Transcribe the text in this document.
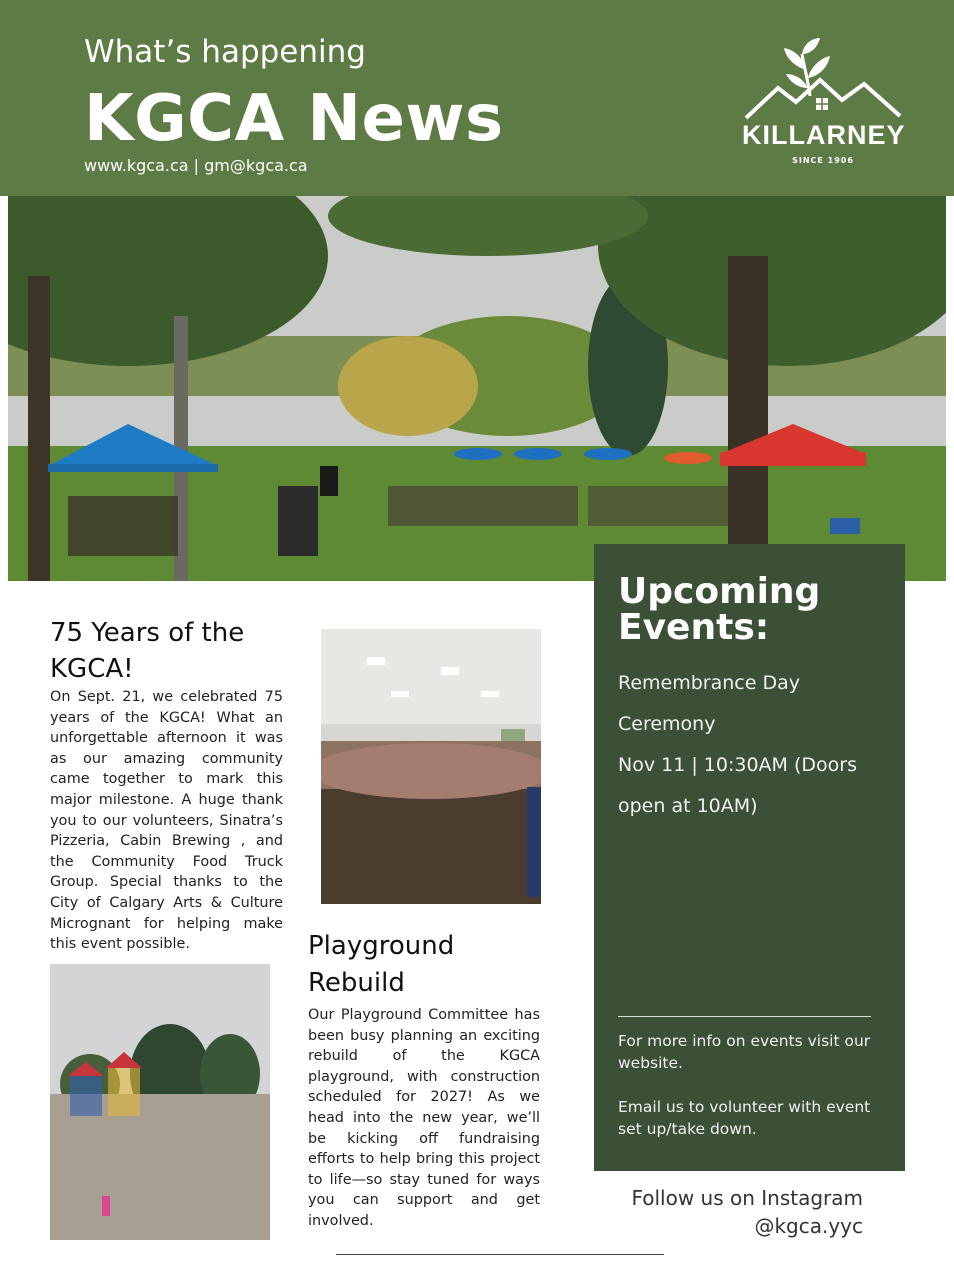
What’s happening
KGCA News
www.kgca.ca | gm@kgca.ca
KILLARNEY
SINCE 1906
75 Years of the KGCA!
On Sept. 21, we celebrated 75 years of the KGCA! What an unforgettable afternoon it was as our amazing community came together to mark this major milestone. A huge thank you to our volunteers, Sinatra’s Pizzeria, Cabin Brewing , and the Community Food Truck Group. Special thanks to the City of Calgary Arts & Culture Micrognant for helping make this event possible.	Playground Rebuild
Our Playground Committee has been busy planning an exciting rebuild of the KGCA playground, with construction scheduled for 2027! As we head into the new year, we’ll be kicking off fundraising efforts to help bring this project to life—so stay tuned for ways you can support and get involved.
Upcoming Events:
Remembrance Day
Ceremony
Nov 11 | 10:30AM (Doors
open at 10AM)
For more info on events visit our website.
Email us to volunteer with event set up/take down.
Follow us on Instagram
@kgca.yyc
